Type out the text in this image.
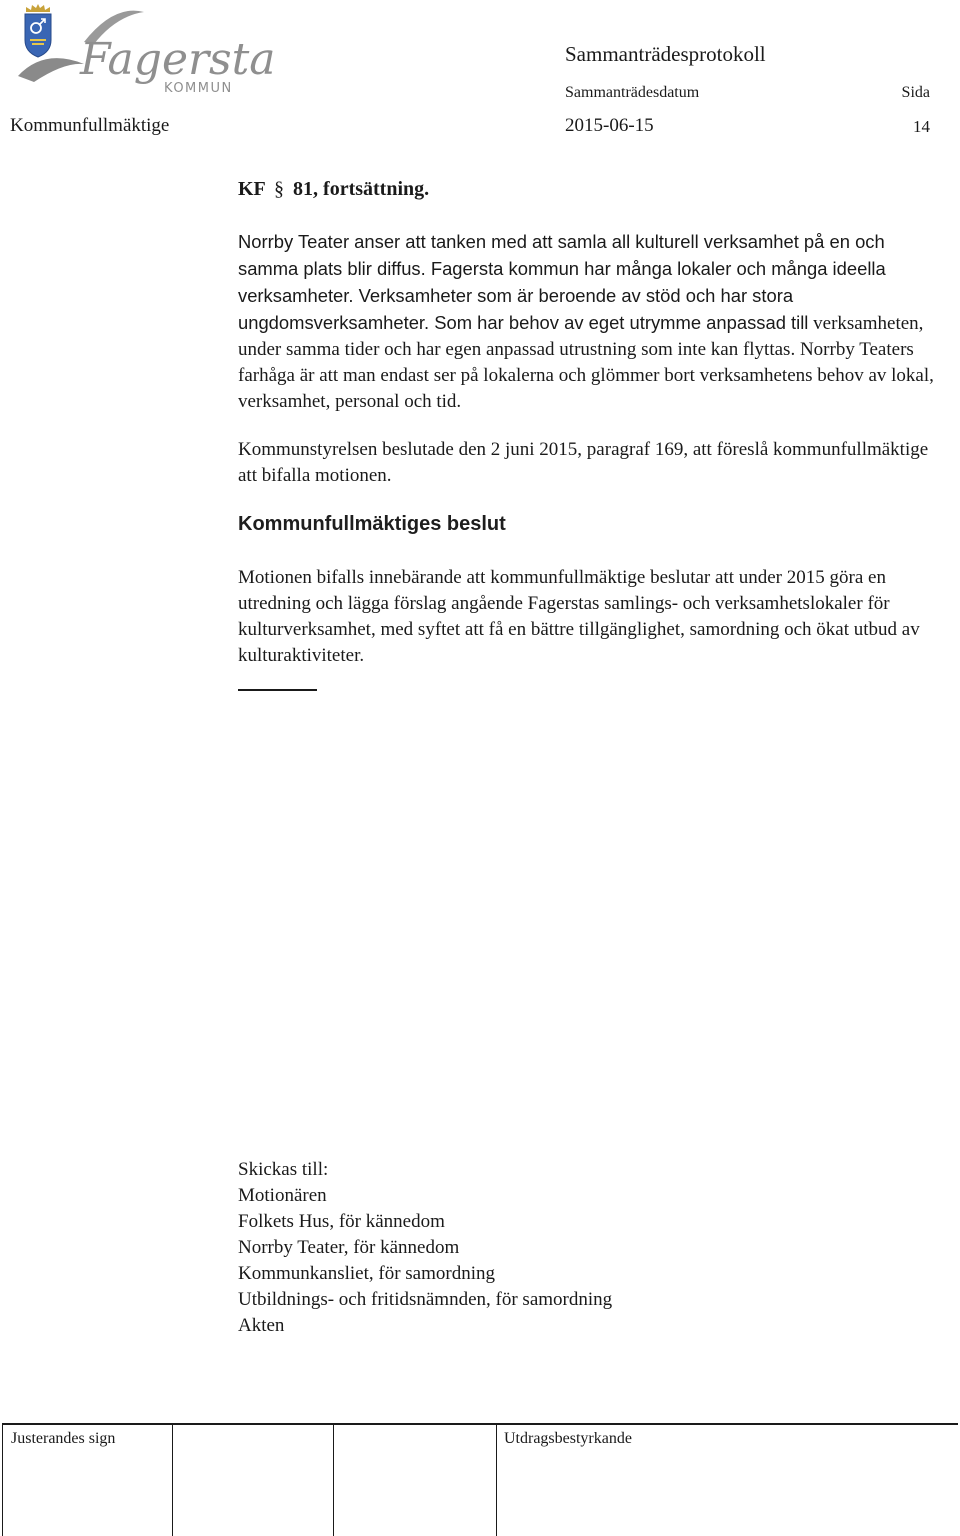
Fagersta
KOMMUN
Sammanträdesprotokoll
Sammanträdesdatum	Sida
Kommunfullmäktige	2015-06-15	14
KF § 81, fortsättning.

Norrby Teater anser att tanken med att samla all kulturell verksamhet på en och samma plats blir diffus. Fagersta kommun har många lokaler och många ideella verksamheter. Verksamheter som är beroende av stöd och har stora ungdomsverksamheter. Som har behov av eget utrymme anpassad till verksamheten, under samma tider och har egen anpassad utrustning som inte kan flyttas. Norrby Teaters farhåga är att man endast ser på lokalerna och glömmer bort verksamhetens behov av lokal, verksamhet, personal och tid.

Kommunstyrelsen beslutade den 2 juni 2015, paragraf 169, att föreslå kommunfullmäktige att bifalla motionen.

Kommunfullmäktiges beslut

Motionen bifalls innebärande att kommunfullmäktige beslutar att under 2015 göra en utredning och lägga förslag angående Fagerstas samlings- och verksamhetslokaler för kulturverksamhet, med syftet att få en bättre tillgänglighet, samordning och ökat utbud av kulturaktiviteter.

Skickas till:
Motionären
Folkets Hus, för kännedom
Norrby Teater, för kännedom
Kommunkansliet, för samordning
Utbildnings- och fritidsnämnden, för samordning
Akten
Justerandes sign	Utdragsbestyrkande
